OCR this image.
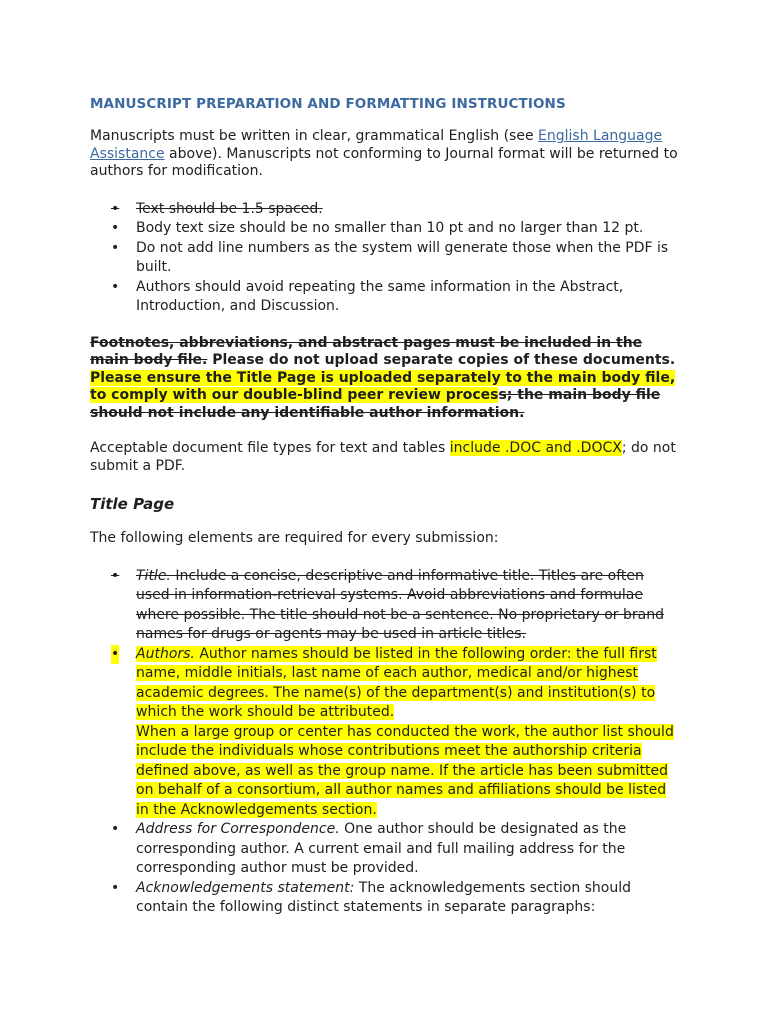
MANUSCRIPT PREPARATION AND FORMATTING INSTRUCTIONS

Manuscripts must be written in clear, grammatical English (see English Language Assistance above). Manuscripts not conforming to Journal format will be returned to authors for modification.

• Text should be 1.5 spaced.
• Body text size should be no smaller than 10 pt and no larger than 12 pt.
• Do not add line numbers as the system will generate those when the PDF is built.
• Authors should avoid repeating the same information in the Abstract, Introduction, and Discussion.

Footnotes, abbreviations, and abstract pages must be included in the main body file. Please do not upload separate copies of these documents. Please ensure the Title Page is uploaded separately to the main body file, to comply with our double-blind peer review process; the main body file should not include any identifiable author information.

Acceptable document file types for text and tables include .DOC and .DOCX; do not submit a PDF.

Title Page

The following elements are required for every submission:

• Title. Include a concise, descriptive and informative title. Titles are often used in information-retrieval systems. Avoid abbreviations and formulae where possible. The title should not be a sentence. No proprietary or brand names for drugs or agents may be used in article titles.
• Authors. Author names should be listed in the following order: the full first name, middle initials, last name of each author, medical and/or highest academic degrees. The name(s) of the department(s) and institution(s) to which the work should be attributed.
When a large group or center has conducted the work, the author list should include the individuals whose contributions meet the authorship criteria defined above, as well as the group name. If the article has been submitted on behalf of a consortium, all author names and affiliations should be listed in the Acknowledgements section.
• Address for Correspondence. One author should be designated as the corresponding author. A current email and full mailing address for the corresponding author must be provided.
• Acknowledgements statement: The acknowledgements section should contain the following distinct statements in separate paragraphs:
